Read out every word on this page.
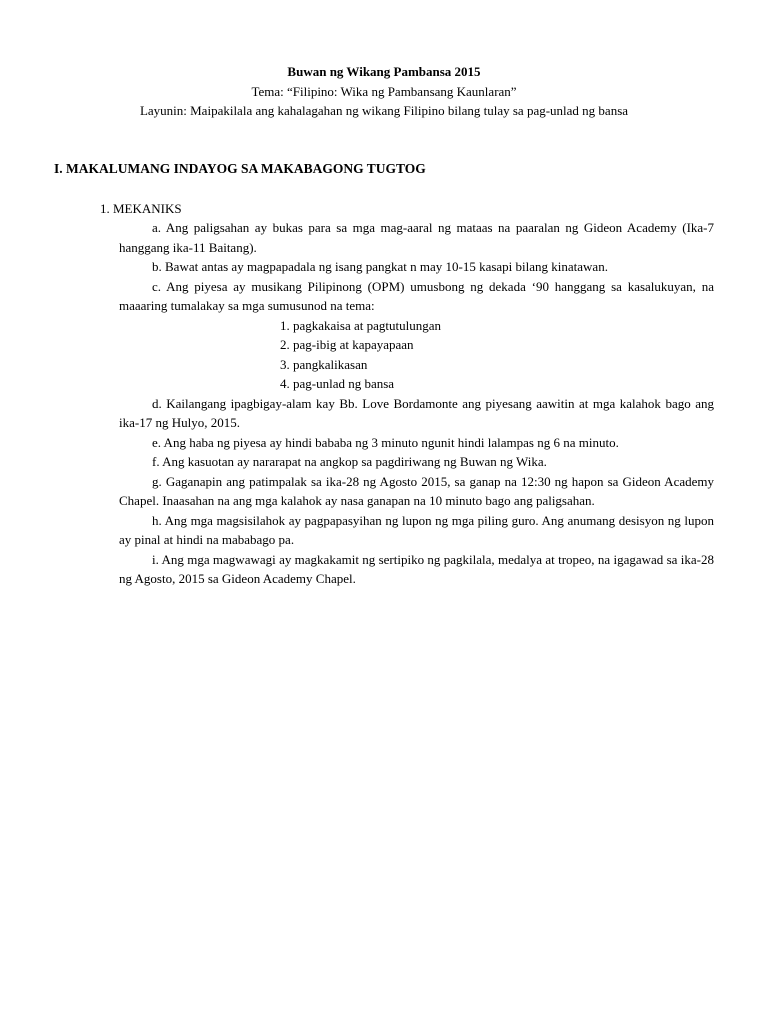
Buwan ng Wikang Pambansa 2015
Tema: “Filipino: Wika ng Pambansang Kaunlaran”
Layunin: Maipakilala ang kahalagahan ng wikang Filipino bilang tulay sa pag-unlad ng bansa
I. MAKALUMANG INDAYOG SA MAKABAGONG TUGTOG
1. MEKANIKS

a. Ang paligsahan ay bukas para sa mga mag-aaral ng mataas na paaralan ng Gideon Academy (Ika-7 hanggang ika-11 Baitang).

b. Bawat antas ay magpapadala ng isang pangkat n may 10-15 kasapi bilang kinatawan.

c. Ang piyesa ay musikang Pilipinong (OPM) umusbong ng dekada ‘90 hanggang sa kasalukuyan, na maaaring tumalakay sa mga sumusunod na tema:

1. pagkakaisa at pagtutulungan
2. pag-ibig at kapayapaan
3. pangkalikasan
4. pag-unlad ng bansa

d. Kailangang ipagbigay-alam kay Bb. Love Bordamonte ang piyesang aawitin at mga kalahok bago ang ika-17 ng Hulyo, 2015.

e. Ang haba ng piyesa ay hindi bababa ng 3 minuto ngunit hindi lalampas ng 6 na minuto.

f. Ang kasuotan ay nararapat na angkop sa pagdiriwang ng Buwan ng Wika.

g. Gaganapin ang patimpalak sa ika-28 ng Agosto 2015, sa ganap na 12:30 ng hapon sa Gideon Academy Chapel. Inaasahan na ang mga kalahok ay nasa ganapan na 10 minuto bago ang paligsahan.

h. Ang mga magsisilahok ay pagpapasyihan ng lupon ng mga piling guro. Ang anumang desisyon ng lupon ay pinal at hindi na mababago pa.

i. Ang mga magwawagi ay magkakamit ng sertipiko ng pagkilala, medalya at tropeo, na igagawad sa ika-28 ng Agosto, 2015 sa Gideon Academy Chapel.
